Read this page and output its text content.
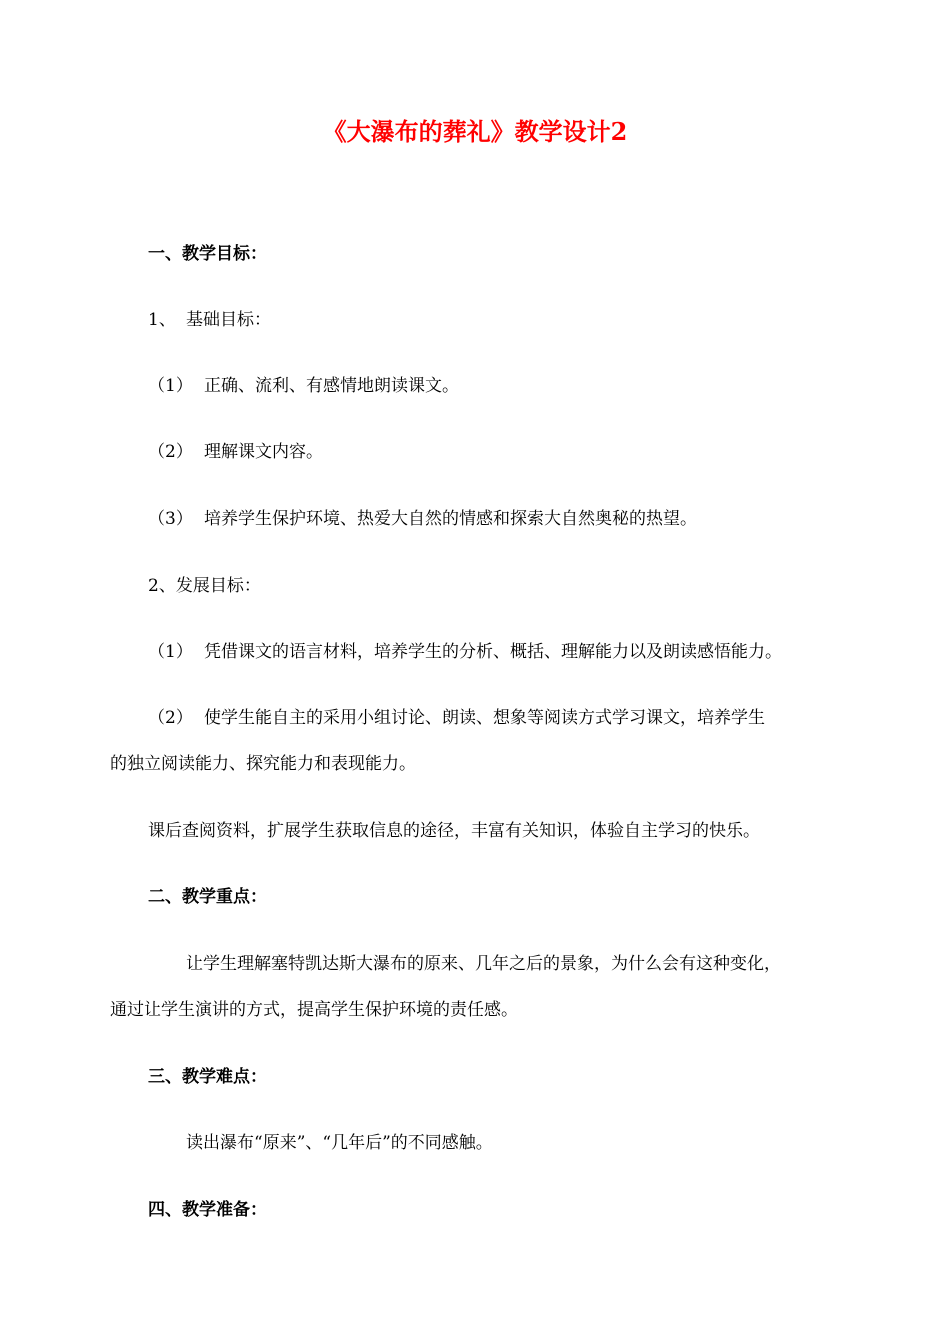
《大瀑布的葬礼》教学设计2
一、教学目标：
1、 基础目标：
（1） 正确、流利、有感情地朗读课文。
（2） 理解课文内容。
（3） 培养学生保护环境、热爱大自然的情感和探索大自然奥秘的热望。
2、发展目标：
（1） 凭借课文的语言材料，培养学生的分析、概括、理解能力以及朗读感悟能力。
（2） 使学生能自主的采用小组讨论、朗读、想象等阅读方式学习课文，培养学生
的独立阅读能力、探究能力和表现能力。
课后查阅资料，扩展学生获取信息的途径，丰富有关知识，体验自主学习的快乐。
二、教学重点：
让学生理解塞特凯达斯大瀑布的原来、几年之后的景象，为什么会有这种变化，
通过让学生演讲的方式，提高学生保护环境的责任感。
三、教学难点：
读出瀑布“原来”、“几年后”的不同感触。
四、教学准备：
